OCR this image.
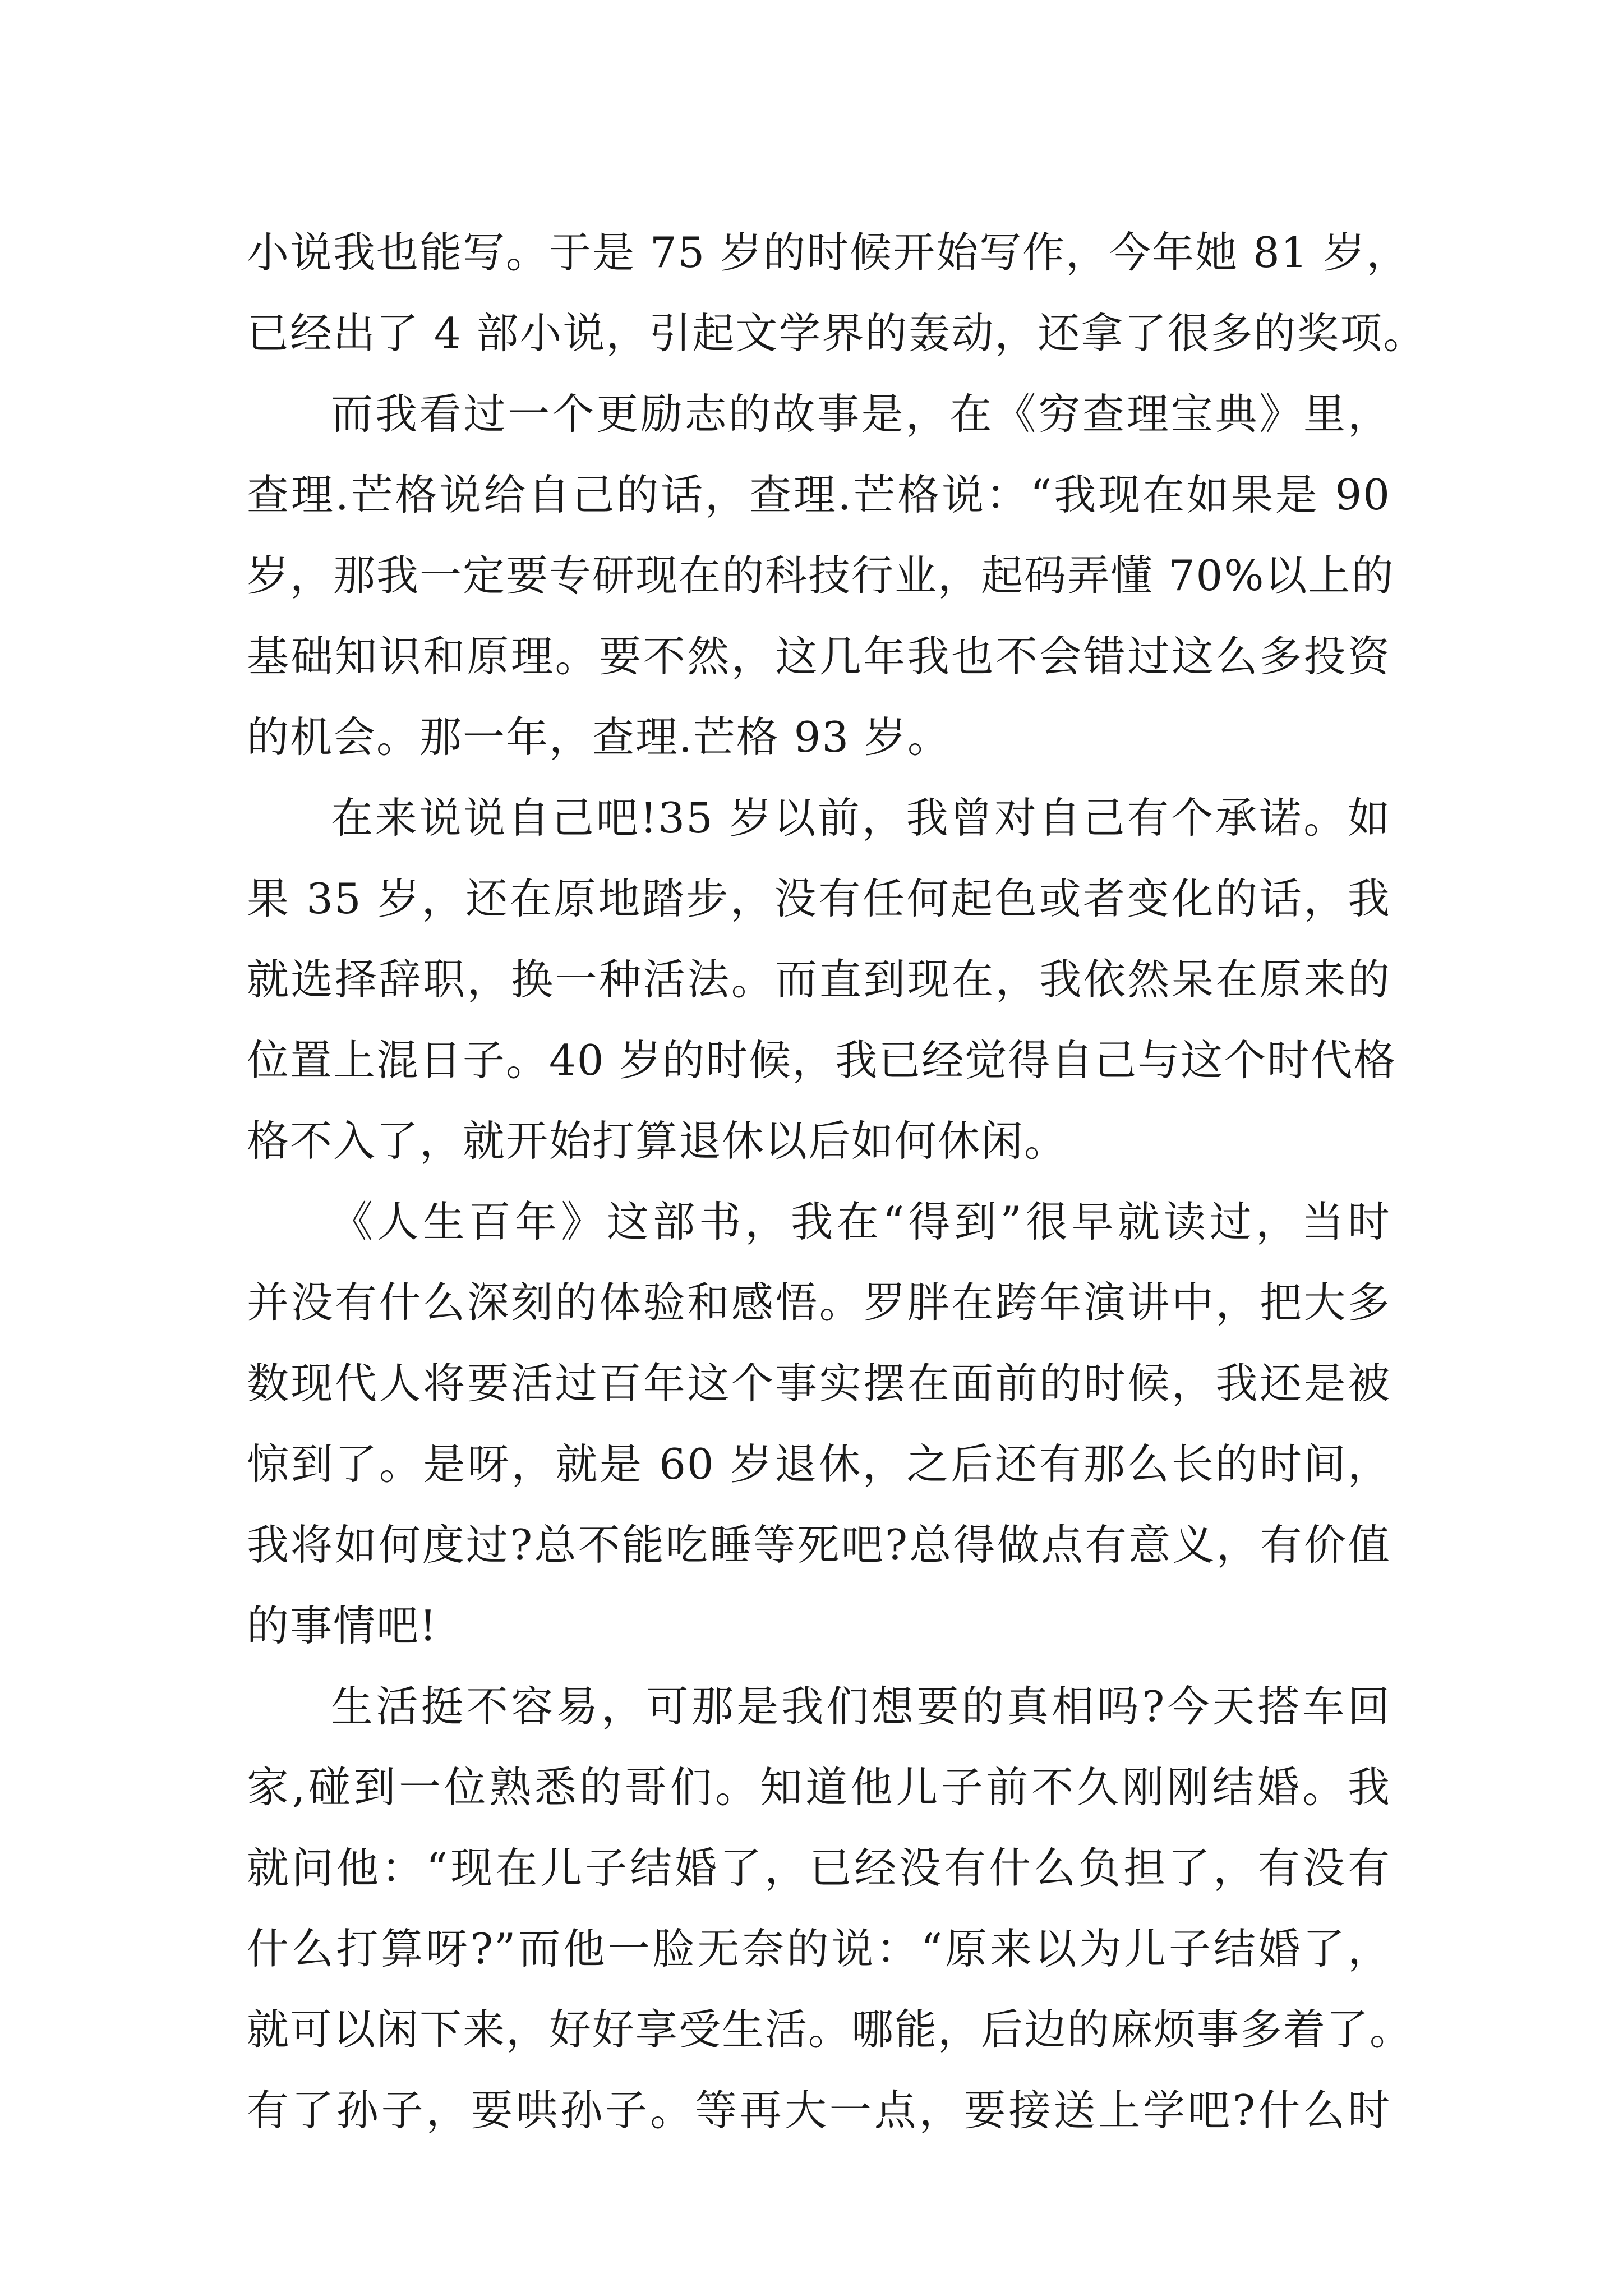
小说我也能写。于是 75 岁的时候开始写作，今年她 81 岁，
已经出了 4 部小说，引起文学界的轰动，还拿了很多的奖项。
而我看过一个更励志的故事是，在《穷查理宝典》里，
查理.芒格说给自己的话，查理.芒格说：“我现在如果是 90
岁，那我一定要专研现在的科技行业，起码弄懂 70%以上的
基础知识和原理。要不然，这几年我也不会错过这么多投资
的机会。那一年，查理.芒格 93 岁。
在来说说自己吧!35 岁以前，我曾对自己有个承诺。如
果 35 岁，还在原地踏步，没有任何起色或者变化的话，我
就选择辞职，换一种活法。而直到现在，我依然呆在原来的
位置上混日子。40 岁的时候，我已经觉得自己与这个时代格
格不入了，就开始打算退休以后如何休闲。
《人生百年》这部书，我在“得到”很早就读过，当时
并没有什么深刻的体验和感悟。罗胖在跨年演讲中，把大多
数现代人将要活过百年这个事实摆在面前的时候，我还是被
惊到了。是呀，就是 60 岁退休，之后还有那么长的时间，
我将如何度过?总不能吃睡等死吧?总得做点有意义，有价值
的事情吧!
生活挺不容易，可那是我们想要的真相吗?今天搭车回
家,碰到一位熟悉的哥们。知道他儿子前不久刚刚结婚。我
就问他：“现在儿子结婚了，已经没有什么负担了，有没有
什么打算呀?”而他一脸无奈的说：“原来以为儿子结婚了，
就可以闲下来，好好享受生活。哪能，后边的麻烦事多着了。
有了孙子，要哄孙子。等再大一点，要接送上学吧?什么时
